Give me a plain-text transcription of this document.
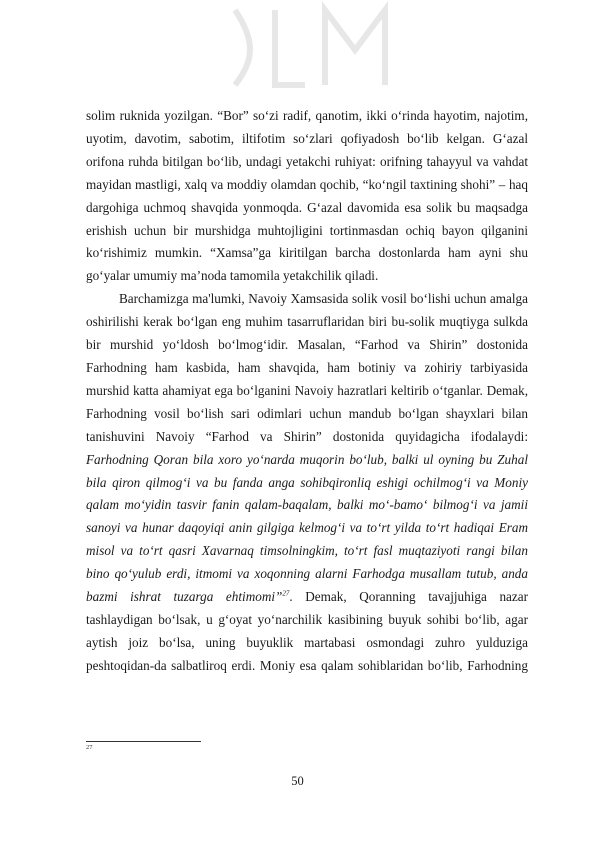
solim ruknida yozilgan. “Bor” so‘zi radif, qanotim, ikki o‘rinda hayotim, najotim,
uyotim, davotim, sabotim, iltifotim so‘zlari qofiyadosh bo‘lib kelgan. G‘azal
orifona ruhda bitilgan bo‘lib, undagi yetakchi ruhiyat: orifning tahayyul va vahdat
mayidan mastligi, xalq va moddiy olamdan qochib, “ko‘ngil taxtining shohi” – haq
dargohiga uchmoq shavqida yonmoqda. G‘azal davomida esa solik bu maqsadga
erishish uchun bir murshidga muhtojligini tortinmasdan ochiq bayon qilganini
ko‘rishimiz mumkin. “Xamsa”ga kiritilgan barcha dostonlarda ham ayni shu
go‘yalar umumiy ma’noda tamomila yetakchilik qiladi.
Barchamizga ma'lumki, Navoiy Xamsasida solik vosil bo‘lishi uchun amalga
oshirilishi kerak bo‘lgan eng muhim tasarruflaridan biri bu-solik muqtiyga sulkda
bir murshid yo‘ldosh bo‘lmog‘idir. Masalan, “Farhod va Shirin” dostonida
Farhodning ham kasbida, ham shavqida, ham botiniy va zohiriy tarbiyasida
murshid katta ahamiyat ega bo‘lganini Navoiy hazratlari keltirib o‘tganlar. Demak,
Farhodning vosil bo‘lish sari odimlari uchun mandub bo‘lgan shayxlari bilan
tanishuvini Navoiy “Farhod va Shirin” dostonida quyidagicha ifodalaydi:
Farhodning Qoran bila xoro yo‘narda muqorin bo‘lub, balki ul oyning bu Zuhal
bila qiron qilmog‘i va bu fanda anga sohibqironliq eshigi ochilmog‘i va Moniy
qalam mo‘yidin tasvir fanin qalam-baqalam, balki mo‘-bamo‘ bilmog‘i va jamii
sanoyi va hunar daqoyiqi anin gilgiga kelmog‘i va to‘rt yilda to‘rt hadiqai Eram
misol va to‘rt qasri Xavarnaq timsolningkim, to‘rt fasl muqtaziyoti rangi bilan
bino qo‘yulub erdi, itmomi va xoqonning alarni Farhodga musallam tutub, anda
bazmi ishrat tuzarga ehtimomi”$^{27}$. Demak, Qoranning tavajjuhiga nazar
tashlaydigan bo‘lsak, u g‘oyat yo‘narchilik kasibining buyuk sohibi bo‘lib, agar
aytish joiz bo‘lsa, uning buyuklik martabasi osmondagi zuhro yulduziga
peshtoqidan-da salbatliroq erdi. Moniy esa qalam sohiblaridan bo‘lib, Farhodning
27
50
